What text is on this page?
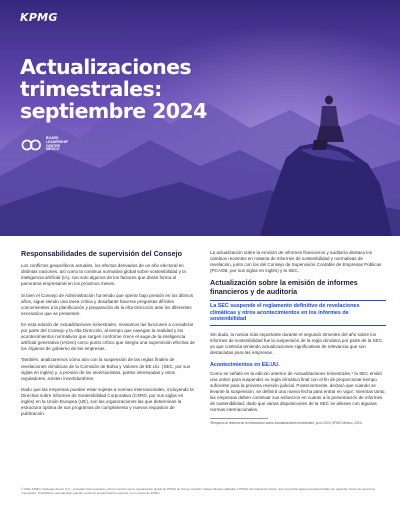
KPMG
Actualizaciones
trimestrales:
septiembre 2024
BOARD
LEADERSHIP
CENTER
MÉXICO
Responsabilidades de supervisión del Consejo

Los conflictos geopolíticos actuales, los efectos derivados de un año electoral en distintas naciones, así como la continua normativa global sobre sostenibilidad y la inteligencia artificial (IA), son solo algunos de los factores que darán forma al panorama empresarial en los próximos meses.

Si bien el Consejo de Administración ha tenido que operar bajo presión en los últimos años, sigue siendo una tarea crítica y desafiante hacerse preguntas difíciles concernientes a la planificación y preparación de la Alta Dirección ante los diferentes escenarios que se presenten.

En esta edición de Actualizaciones trimestrales, revisamos las funciones a considerar por parte del Consejo y la Alta Dirección, al tiempo que navegan la realidad y los acontecimientos normativos que surgen conforme crece el auge de la inteligencia artificial generativa (IAGen) como punto crítico que integra una supervisión efectiva de los órganos de gobierno de las empresas.

También, analizaremos cómo aún con la suspensión de las reglas finales de revelaciones climáticas de la Comisión de Bolsa y Valores de EE.UU. (SEC, por sus siglas en inglés) y, a presión de los inversionistas, partes interesadas y otros reguladores, existen incertidumbres.

Dado que las empresas pueden estar sujetas a normas internacionales, incluyendo la Directiva sobre Informes de Sostenibilidad Corporativa (CSRD, por sus siglas en inglés) en la Unión Europea (UE), son las organizaciones las que determinan la estructura óptima de sus programas de cumplimiento y nuevos requisitos de publicación.

La actualización sobre la emisión de informes financieros y auditoría destaca los cambios recientes en materia de informes de sostenibilidad y normativas de revelación, junto con los del Consejo de Supervisión Contable de Empresas Públicas (PCAOB, por sus siglas en inglés) y la SEC.

Actualización sobre la emisión de informes financieros y de auditoría

La SEC suspende el reglamento definitivo de revelaciones climáticas y otros acontecimientos en los informes de sostenibilidad

Sin duda, la noticia más importante durante el segundo trimestre del año sobre los informes de sostenibilidad fue la suspensión de la regla climática por parte de la SEC, ya que continúa teniendo actualizaciones significativas de relevancia que son destacadas para las empresas.

Acontecimientos en EE.UU.

Como se señaló en la edición anterior de Actualizaciones trimestrales,¹ la SEC emitió una orden para suspender su regla climática final con el fin de proporcionar tiempo suficiente para la próxima revisión judicial. Posteriormente, declaró que cuando se levante la suspensión, se definirá una nueva fecha para entrar en vigor; mientras tanto, las empresas deben continuar sus esfuerzos en cuanto a la presentación de informes de sostenibilidad, dado que varias disposiciones de la SEC se alinean con algunas normas internacionales.

¹Respecto al reforma de la información sobre Actualizaciones trimestrales, junio 2024, KPMG México, 2024.

© 2024 KPMG Cárdenas Dosal, S.C., sociedad civil mexicana y firma miembro de la organización global de KPMG de firmas miembro independientes afiliadas a KPMG International Limited, una compañía inglesa privada limitada por garantía. Todos los derechos reservados. Prohibida la reproducción parcial o total sin la autorización expresa y por escrito de KPMG.
